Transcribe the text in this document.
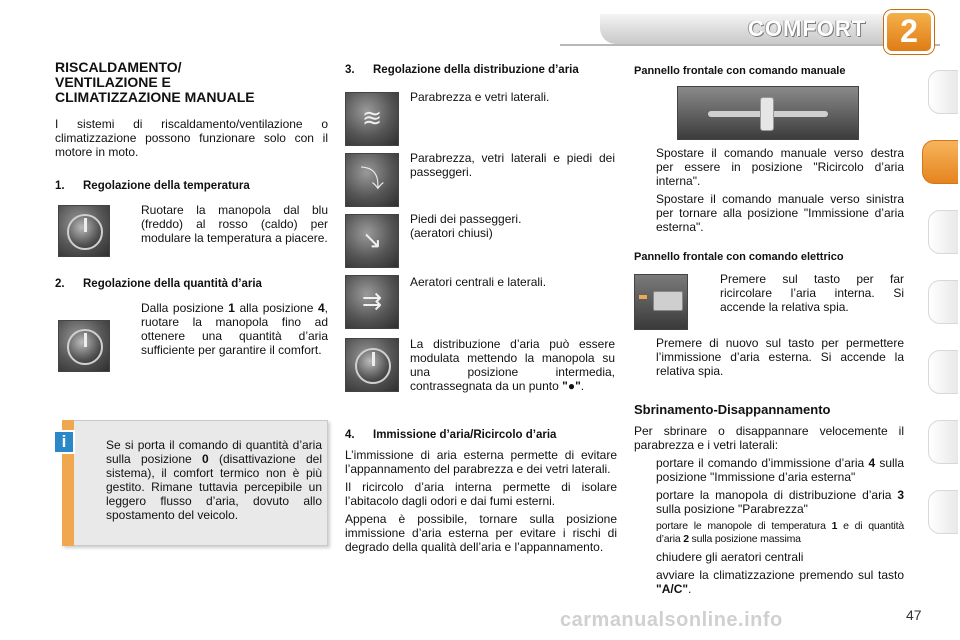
COMFORT	2
RISCALDAMENTO/
VENTILAZIONE E
CLIMATIZZAZIONE MANUALE

I sistemi di riscaldamento/ventilazione o climatizzazione possono funzionare solo con il motore in moto.

1.	Regolazione della temperatura
Ruotare la manopola dal blu (freddo) al rosso (caldo) per modulare la temperatura a piacere.
2.	Regolazione della quantità d’aria
Dalla posizione 1 alla posizione 4, ruotare la manopola fino ad ottenere una quantità d’aria sufficiente per garantire il comfort.
i	Se si porta il comando di quantità d’aria sulla posizione 0 (disattivazione del sistema), il comfort termico non è più gestito. Rimane tuttavia percepibile un leggero flusso d’aria, dovuto allo spostamento del veicolo.
3.	Regolazione della distribuzione d’aria
≋
⤵
↘
⇉
Parabrezza e vetri laterali.

Parabrezza, vetri laterali e piedi dei passeggeri.

Piedi dei passeggeri.
(aeratori chiusi)
Aeratori centrali e laterali.

La distribuzione d’aria può essere modulata mettendo la manopola su una posizione intermedia, contrassegnata da un punto "●".

4.	Immissione d’aria/Ricircolo d’aria

L’immissione di aria esterna permette di evitare l’appannamento del parabrezza e dei vetri laterali.

Il ricircolo d’aria interna permette di isolare l’abitacolo dagli odori e dai fumi esterni.

Appena è possibile, tornare sulla posizione immissione d’aria esterna per evitare i rischi di degrado della qualità dell’aria e l’appannamento.

Pannello frontale con comando manuale
Spostare il comando manuale verso destra per essere in posizione "Ricircolo d’aria interna".
Spostare il comando manuale verso sinistra per tornare alla posizione "Immissione d’aria esterna".
Pannello frontale con comando elettrico
Premere sul tasto per far ricircolare l’aria interna. Si accende la relativa spia.
Premere di nuovo sul tasto per permettere l’immissione d’aria esterna. Si accende la relativa spia.
Sbrinamento-Disappannamento

Per sbrinare o disappannare velocemente il parabrezza e i vetri laterali:

portare il comando d’immissione d’aria 4 sulla posizione "Immissione d’aria esterna"
portare la manopola di distribuzione d’aria 3 sulla posizione "Parabrezza"
portare le manopole di temperatura 1 e di quantità d’aria 2 sulla posizione massima
chiudere gli aeratori centrali
avviare la climatizzazione premendo sul tasto "A/C".
carmanualsonline.info	47
